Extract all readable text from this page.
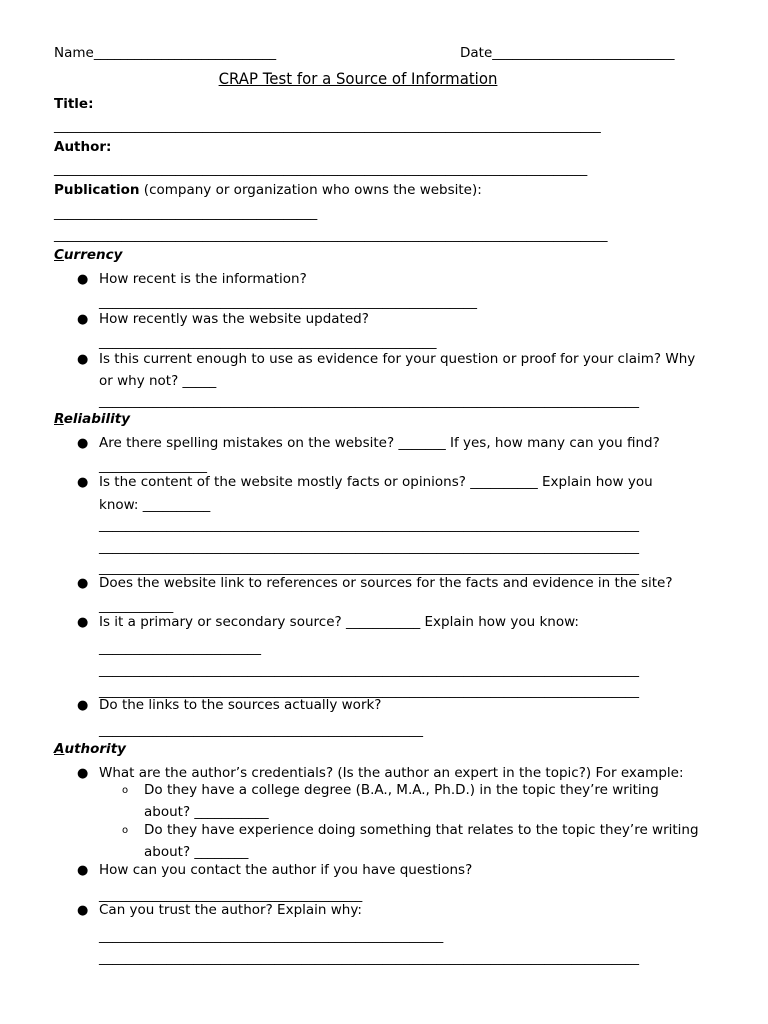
Name___________________________	Date___________________________
CRAP Test for a Source of Information
Title:
_________________________________________________________________________________
Author:
_______________________________________________________________________________
Publication (company or organization who owns the website):
_______________________________________
__________________________________________________________________________________
Currency
● How recent is the information?
________________________________________________________
● How recently was the website updated?
__________________________________________________
● Is this current enough to use as evidence for your question or proof for your claim? Why
or why not? _____
________________________________________________________________________________
Reliability
● Are there spelling mistakes on the website? _______ If yes, how many can you find?
________________
● Is the content of the website mostly facts or opinions? __________ Explain how you
know: __________
________________________________________________________________________________
________________________________________________________________________________
________________________________________________________________________________
● Does the website link to references or sources for the facts and evidence in the site?
___________
● Is it a primary or secondary source? ___________ Explain how you know:
________________________
________________________________________________________________________________
________________________________________________________________________________
● Do the links to the sources actually work?
________________________________________________
Authority
● What are the author’s credentials? (Is the author an expert in the topic?) For example:
o Do they have a college degree (B.A., M.A., Ph.D.) in the topic they’re writing
about? ___________
o Do they have experience doing something that relates to the topic they’re writing
about? ________
● How can you contact the author if you have questions?
_______________________________________
● Can you trust the author? Explain why:
___________________________________________________
________________________________________________________________________________
